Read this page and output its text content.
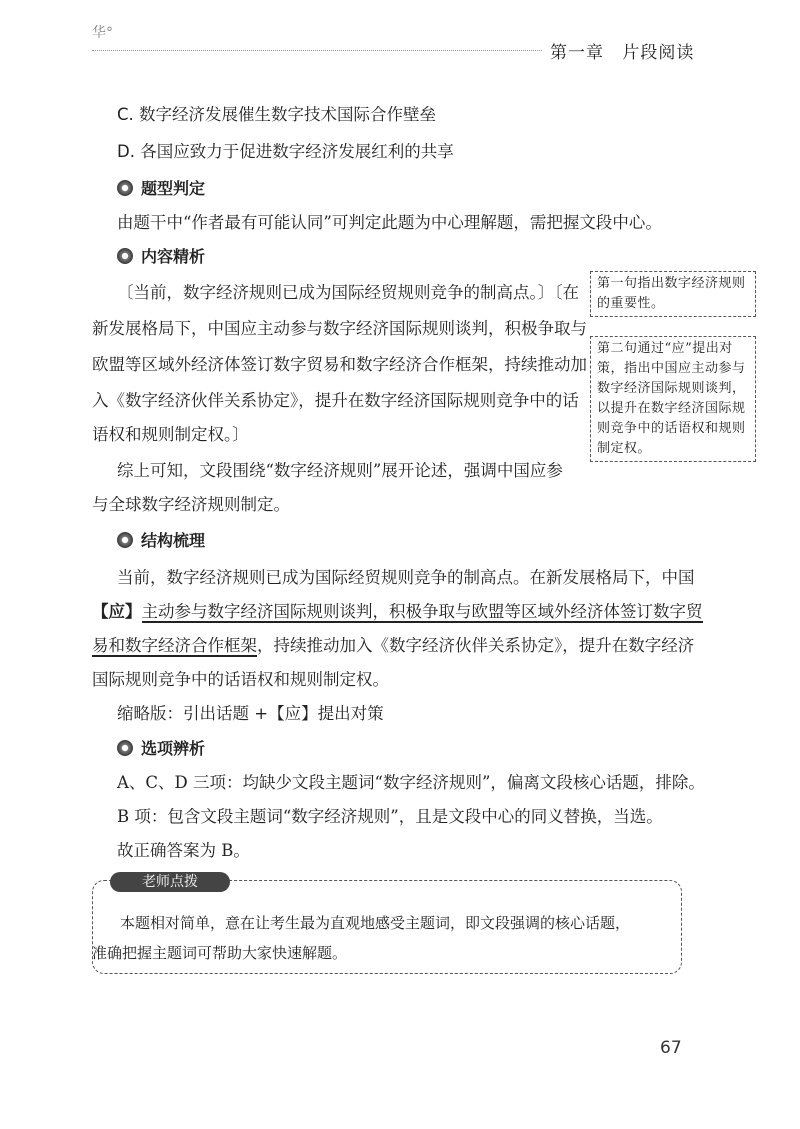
华°
第一章 片段阅读
C. 数字经济发展催生数字技术国际合作壁垒
D. 各国应致力于促进数字经济发展红利的共享
题型判定
由题干中“作者最有可能认同”可判定此题为中心理解题，需把握文段中心。
内容精析
〔当前，数字经济规则已成为国际经贸规则竞争的制高点。〕〔在
新发展格局下，中国应主动参与数字经济国际规则谈判，积极争取与
欧盟等区域外经济体签订数字贸易和数字经济合作框架，持续推动加
入《数字经济伙伴关系协定》，提升在数字经济国际规则竞争中的话
语权和规则制定权。〕
第一句指出数字经济规则的重要性。
第二句通过“应”提出对策，指出中国应主动参与数字经济国际规则谈判，以提升在数字经济国际规则竞争中的话语权和规则制定权。
综上可知，文段围绕“数字经济规则”展开论述，强调中国应参
与全球数字经济规则制定。
结构梳理
当前，数字经济规则已成为国际经贸规则竞争的制高点。在新发展格局下，中国
【应】主动参与数字经济国际规则谈判，积极争取与欧盟等区域外经济体签订数字贸
易和数字经济合作框架，持续推动加入《数字经济伙伴关系协定》，提升在数字经济
国际规则竞争中的话语权和规则制定权。
缩略版：引出话题 +【应】提出对策
选项辨析
A、C、D 三项：均缺少文段主题词“数字经济规则”，偏离文段核心话题，排除。
B 项：包含文段主题词“数字经济规则”，且是文段中心的同义替换，当选。
故正确答案为 B。
老师点拨
本题相对简单，意在让考生最为直观地感受主题词，即文段强调的核心话题，
准确把握主题词可帮助大家快速解题。
67
